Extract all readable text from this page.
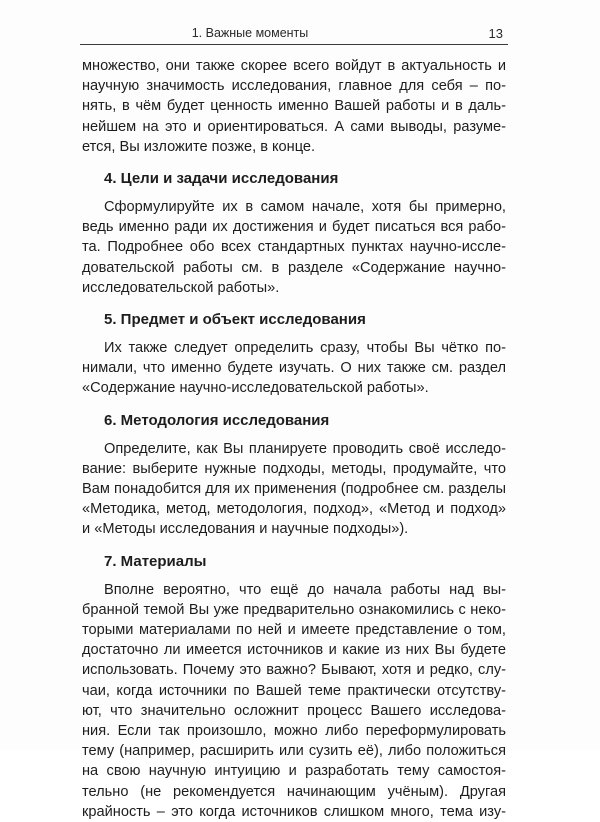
1. Важные моменты	13

множество, они также скорее всего войдут в актуальность и
научную значимость исследования, главное для себя – по-
нять, в чём будет ценность именно Вашей работы и в даль-
нейшем на это и ориентироваться. А сами выводы, разуме-
ется, Вы изложите позже, в конце.

4. Цели и задачи исследования

Сформулируйте их в самом начале, хотя бы примерно,
ведь именно ради их достижения и будет писаться вся рабо-
та. Подробнее обо всех стандартных пунктах научно-иссле-
довательской работы см. в разделе «Содержание научно-
исследовательской работы».

5. Предмет и объект исследования

Их также следует определить сразу, чтобы Вы чётко по-
нимали, что именно будете изучать. О них также см. раздел
«Содержание научно-исследовательской работы».

6. Методология исследования

Определите, как Вы планируете проводить своё исследо-
вание: выберите нужные подходы, методы, продумайте, что
Вам понадобится для их применения (подробнее см. разделы
«Методика, метод, методология, подход», «Метод и подход»
и «Методы исследования и научные подходы»).

7. Материалы

Вполне вероятно, что ещё до начала работы над вы-
бранной темой Вы уже предварительно ознакомились с неко-
торыми материалами по ней и имеете представление о том,
достаточно ли имеется источников и какие из них Вы будете
использовать. Почему это важно? Бывают, хотя и редко, слу-
чаи, когда источники по Вашей теме практически отсутству-
ют, что значительно осложнит процесс Вашего исследова-
ния. Если так произошло, можно либо переформулировать
тему (например, расширить или сузить её), либо положиться
на свою научную интуицию и разработать тему самостоя-
тельно (не рекомендуется начинающим учёным). Другая
крайность – это когда источников слишком много, тема изу-
